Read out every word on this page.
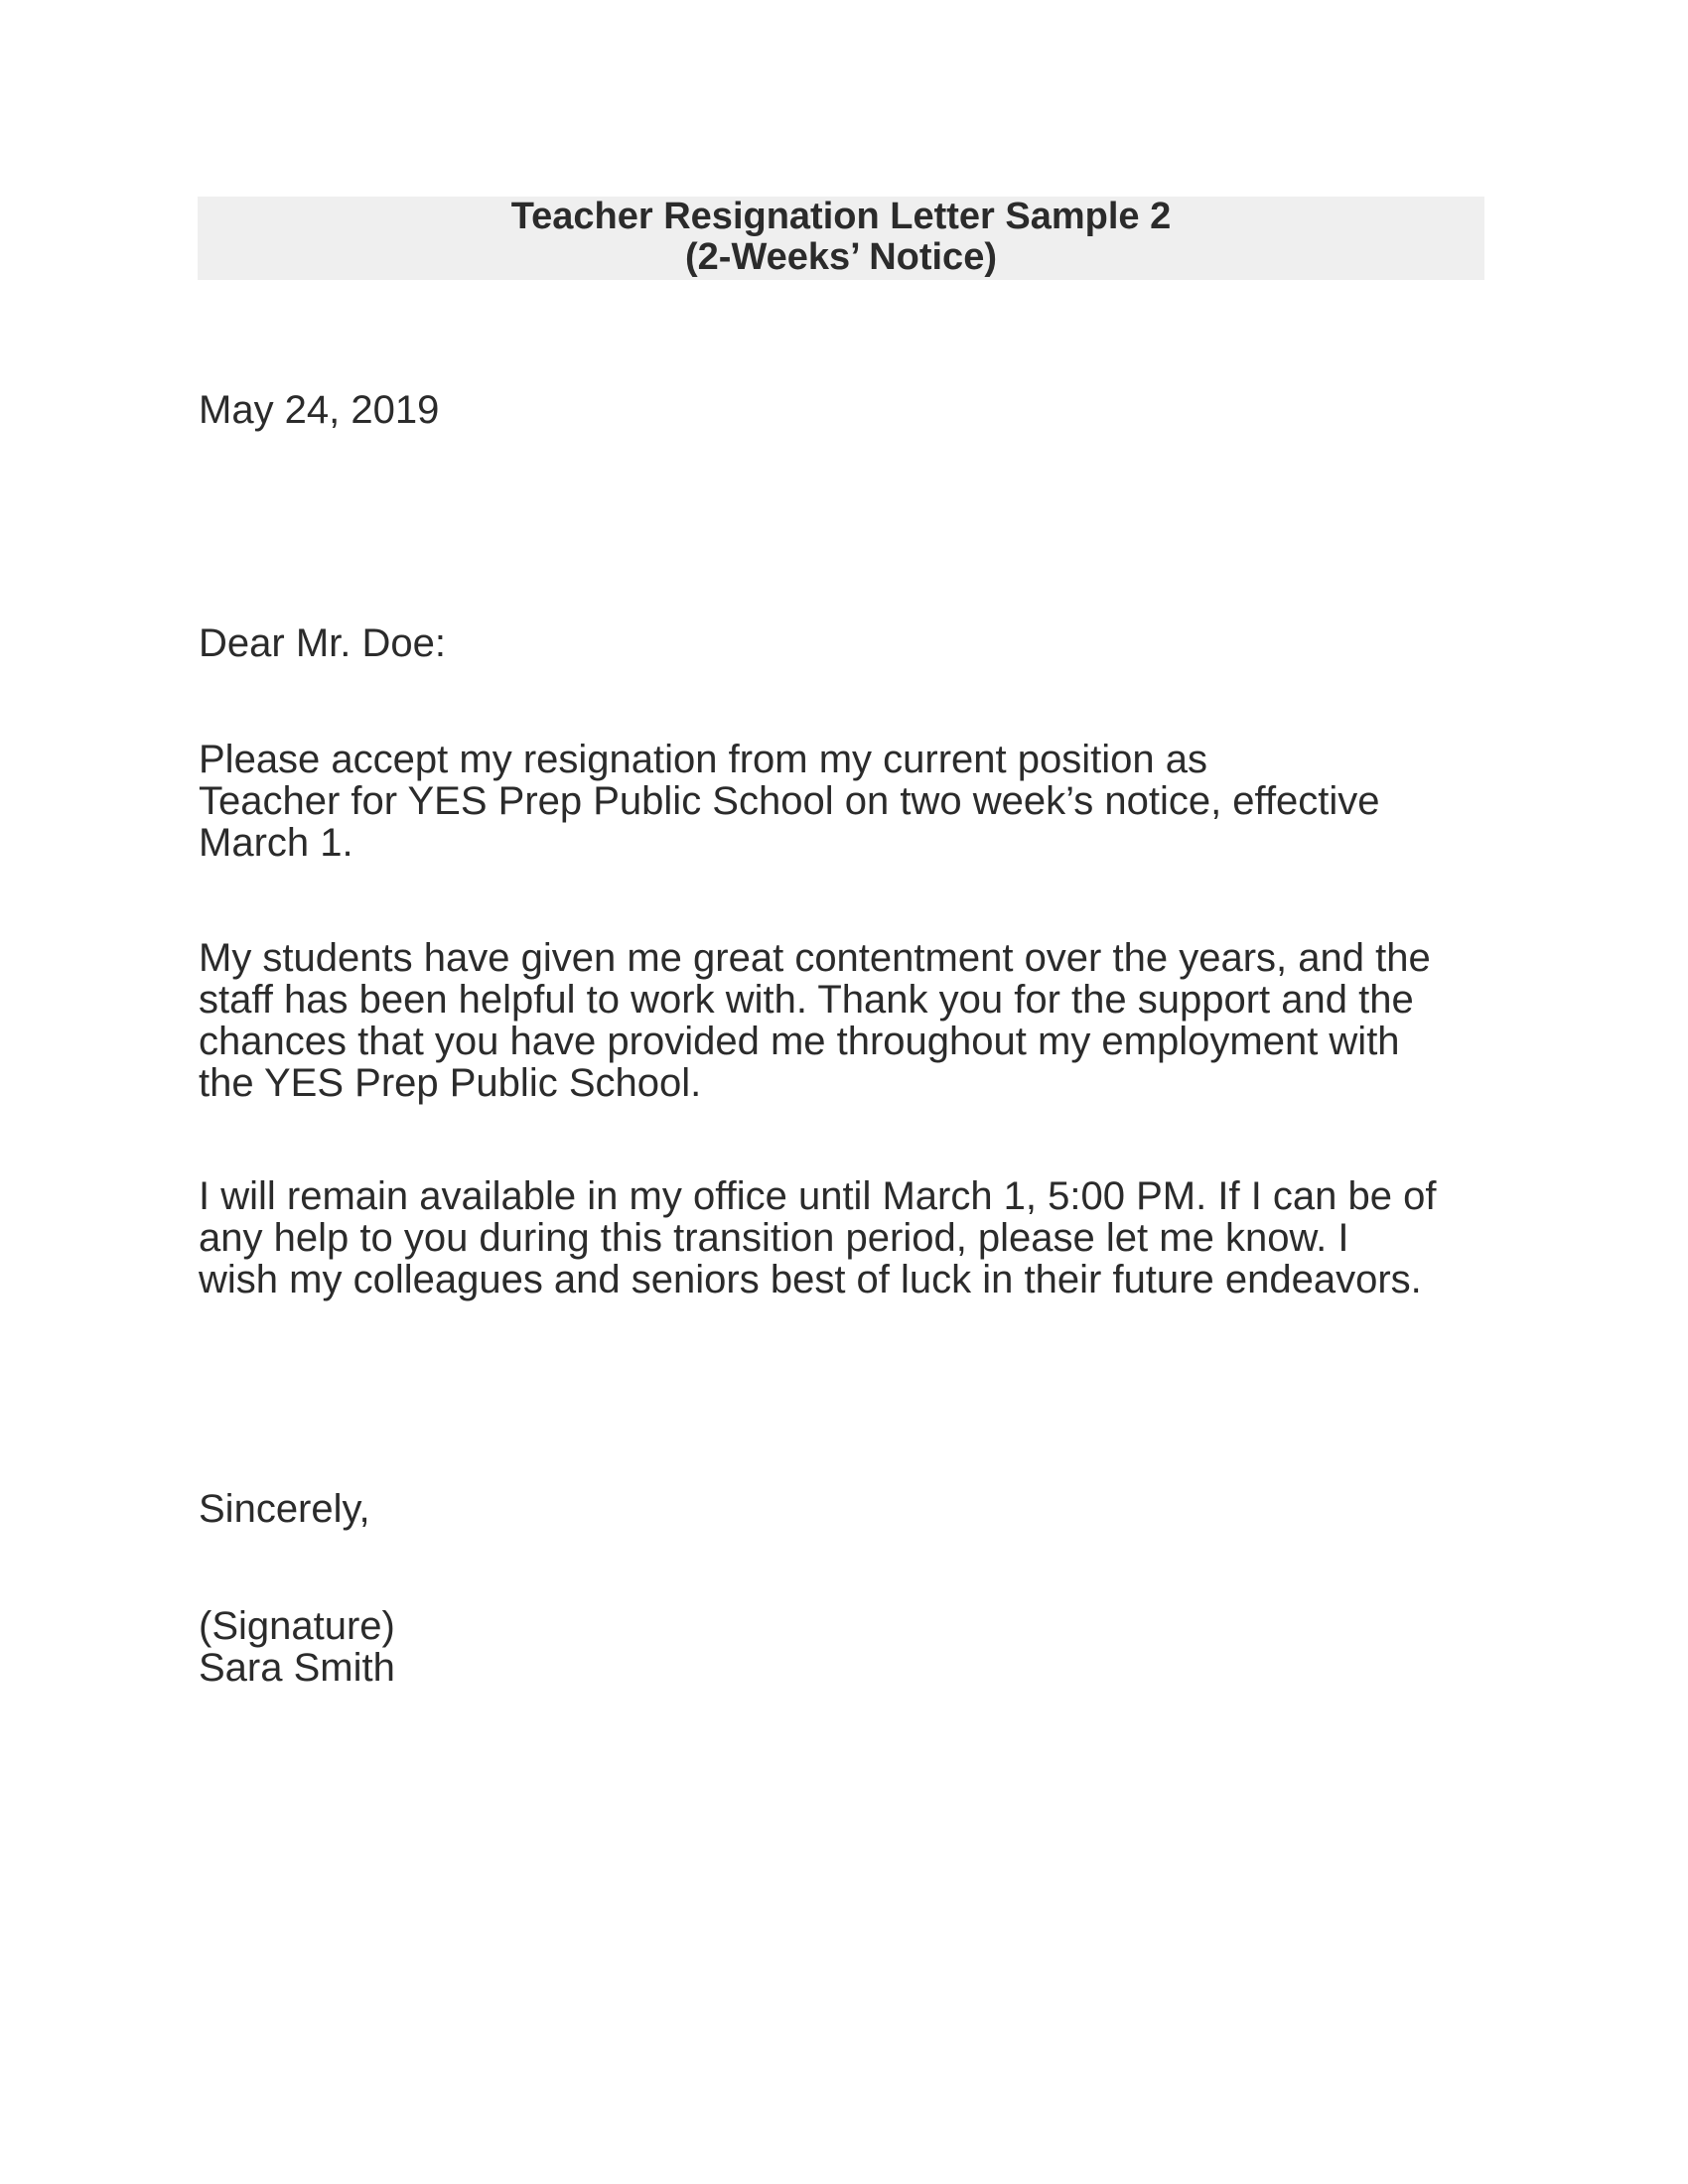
Teacher Resignation Letter Sample 2
(2-Weeks’ Notice)
May 24, 2019
Dear Mr. Doe:
Please accept my resignation from my current position as
Teacher for YES Prep Public School on two week’s notice, effective
March 1.
My students have given me great contentment over the years, and the
staff has been helpful to work with. Thank you for the support and the
chances that you have provided me throughout my employment with
the YES Prep Public School.
I will remain available in my office until March 1, 5:00 PM. If I can be of
any help to you during this transition period, please let me know. I
wish my colleagues and seniors best of luck in their future endeavors.
Sincerely,
(Signature)
Sara Smith
